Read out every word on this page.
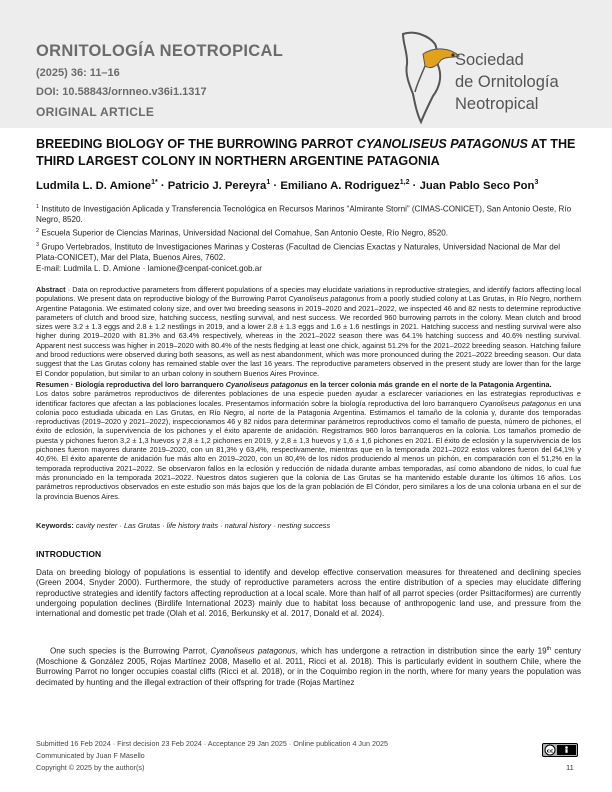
ORNITOLOGÍA NEOTROPICAL
(2025) 36: 11–16
DOI: 10.58843/ornneo.v36i1.1317
ORIGINAL ARTICLE
Sociedad
de Ornitología
Neotropical
BREEDING BIOLOGY OF THE BURROWING PARROT CYANOLISEUS PATAGONUS AT THE THIRD LARGEST COLONY IN NORTHERN ARGENTINE PATAGONIA
Ludmila L. D. Amione$^{1*}$ · Patricio J. Pereyra$^1$ · Emiliano A. Rodriguez$^{1,2}$ · Juan Pablo Seco Pon$^3$
$^1$ Instituto de Investigación Aplicada y Transferencia Tecnológica en Recursos Marinos “Almirante Storni” (CIMAS-CONICET), San Antonio Oeste, Río Negro, 8520.
$^2$ Escuela Superior de Ciencias Marinas, Universidad Nacional del Comahue, San Antonio Oeste, Río Negro, 8520.
$^3$ Grupo Vertebrados, Instituto de Investigaciones Marinas y Costeras (Facultad de Ciencias Exactas y Naturales, Universidad Nacional de Mar del Plata-CONICET), Mar del Plata, Buenos Aires, 7602.
E-mail: Ludmila L. D. Amione · lamione@cenpat-conicet.gob.ar
Abstract · Data on reproductive parameters from different populations of a species may elucidate variations in reproductive strategies, and identify factors affecting local populations. We present data on reproductive biology of the Burrowing Parrot Cyanoliseus patagonus from a poorly studied colony at Las Grutas, in Río Negro, northern Argentine Patagonia. We estimated colony size, and over two breeding seasons in 2019–2020 and 2021–2022, we inspected 46 and 82 nests to determine reproductive parameters of clutch and brood size, hatching success, nestling survival, and nest success. We recorded 960 burrowing parrots in the colony. Mean clutch and brood sizes were 3.2 ± 1.3 eggs and 2.8 ± 1.2 nestlings in 2019, and a lower 2.8 ± 1.3 eggs and 1.6 ± 1.6 nestlings in 2021. Hatching success and nestling survival were also higher during 2019–2020 with 81.3% and 63.4% respectively, whereas in the 2021–2022 season there was 64.1% hatching success and 40.6% nestling survival. Apparent nest success was higher in 2019–2020 with 80.4% of the nests fledging at least one chick, against 51.2% for the 2021–2022 breeding season. Hatching failure and brood reductions were observed during both seasons, as well as nest abandonment, which was more pronounced during the 2021–2022 breeding season. Our data suggest that the Las Grutas colony has remained stable over the last 16 years. The reproductive parameters observed in the present study are lower than for the large El Condor population, but similar to an urban colony in southern Buenos Aires Province.
Resumen · Biología reproductiva del loro barranquero Cyanoliseus patagonus en la tercer colonia más grande en el norte de la Patagonia Argentina.
Los datos sobre parámetros reproductivos de diferentes poblaciones de una especie pueden ayudar a esclarecer variaciones en las estrategias reproductivas e identificar factores que afectan a las poblaciones locales. Presentamos información sobre la biología reproductiva del loro barranquero Cyanoliseus patagonus en una colonia poco estudiada ubicada en Las Grutas, en Río Negro, al norte de la Patagonia Argentina. Estimamos el tamaño de la colonia y, durante dos temporadas reproductivas (2019–2020 y 2021–2022), inspeccionamos 46 y 82 nidos para determinar parámetros reproductivos como el tamaño de puesta, número de pichones, el éxito de eclosión, la supervivencia de los pichones y el éxito aparente de anidación. Registramos 960 loros barranqueros en la colonia. Los tamaños promedio de puesta y pichones fueron 3,2 ± 1,3 huevos y 2,8 ± 1,2 pichones en 2019, y 2,8 ± 1,3 huevos y 1,6 ± 1,6 pichones en 2021. El éxito de eclosión y la supervivencia de los pichones fueron mayores durante 2019–2020, con un 81,3% y 63,4%, respectivamente, mientras que en la temporada 2021–2022 estos valores fueron del 64,1% y 40,6%. El éxito aparente de anidación fue más alto en 2019–2020, con un 80,4% de los nidos produciendo al menos un pichón, en comparación con el 51,2% en la temporada reproductiva 2021–2022. Se observaron fallos en la eclosión y reducción de nidada durante ambas temporadas, así como abandono de nidos, lo cual fue más pronunciado en la temporada 2021–2022. Nuestros datos sugieren que la colonia de Las Grutas se ha mantenido estable durante los últimos 16 años. Los parámetros reproductivos observados en este estudio son más bajos que los de la gran población de El Cóndor, pero similares a los de una colonia urbana en el sur de la provincia Buenos Aires.
Keywords: cavity nester · Las Grutas · life history traits · natural history · nesting success
INTRODUCTION
Data on breeding biology of populations is essential to identify and develop effective conservation measures for threatened and declining species (Green 2004, Snyder 2000). Furthermore, the study of reproductive parameters across the entire distribution of a species may elucidate differing reproductive strategies and identify factors affecting reproduction at a local scale. More than half of all parrot species (order Psittaciformes) are currently undergoing population declines (Birdlife International 2023) mainly due to habitat loss because of anthropogenic land use, and pressure from the international and domestic pet trade (Olah et al. 2016, Berkunsky et al. 2017, Donald et al. 2024).
One such species is the Burrowing Parrot, Cyanoliseus patagonus, which has undergone a retraction in distribution since the early 19th century (Moschione & González 2005, Rojas Martínez 2008, Masello et al. 2011, Ricci et al. 2018). This is particularly evident in southern Chile, where the Burrowing Parrot no longer occupies coastal cliffs (Ricci et al. 2018), or in the Coquimbo region in the north, where for many years the population was decimated by hunting and the illegal extraction of their offspring for trade (Rojas Martínez
Submitted 16 Feb 2024 · First decision 23 Feb 2024 · Acceptance 29 Jan 2025 · Online publication 4 Jun 2025
Communicated by Juan F Masello
Copyright © 2025 by the author(s)
cc
11
